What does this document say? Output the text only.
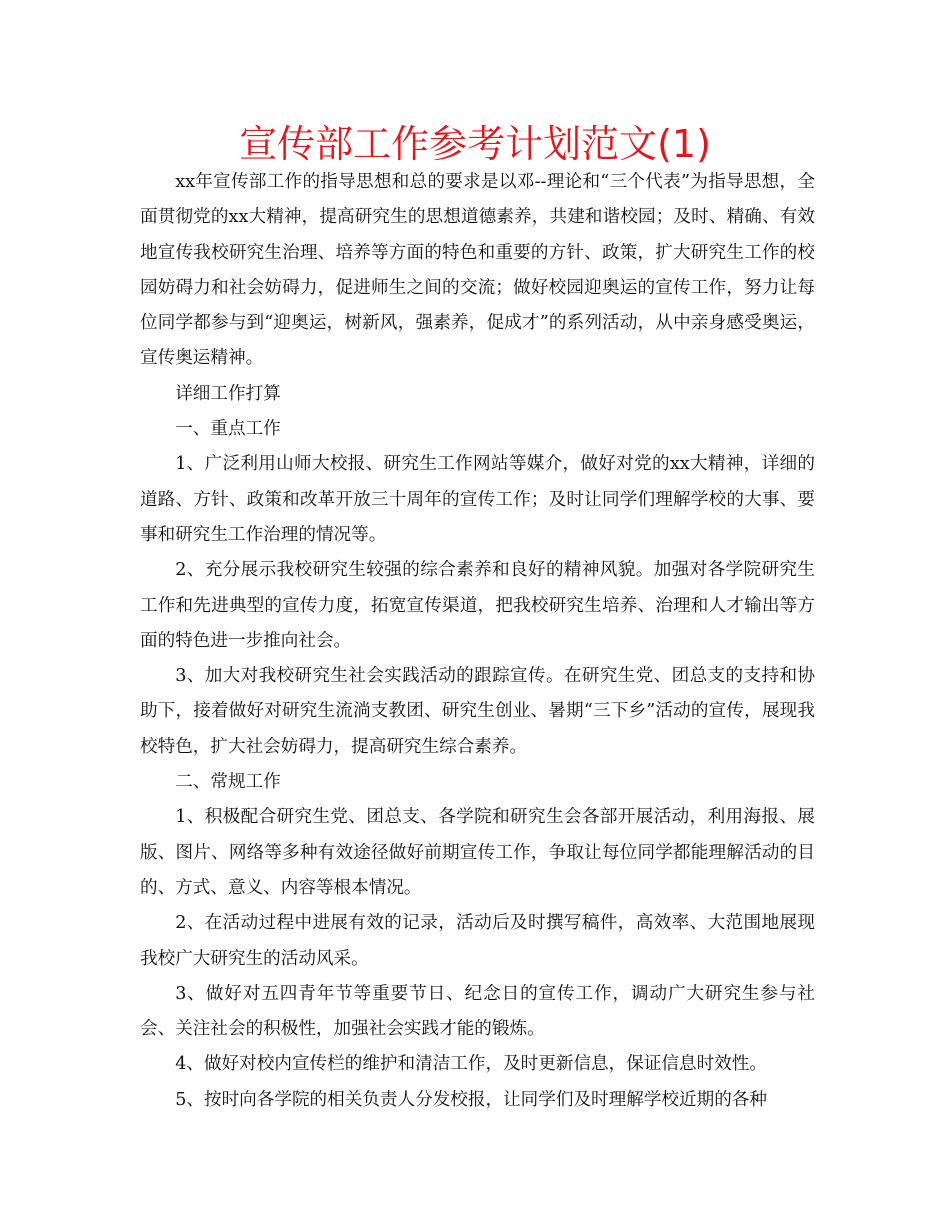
宣传部工作参考计划范文(1)

xx年宣传部工作的指导思想和总的要求是以邓--理论和“三个代表”为指导思想，全面贯彻党的xx大精神，提高研究生的思想道德素养，共建和谐校园；及时、精确、有效地宣传我校研究生治理、培养等方面的特色和重要的方针、政策，扩大研究生工作的校园妨碍力和社会妨碍力，促进师生之间的交流；做好校园迎奥运的宣传工作，努力让每位同学都参与到“迎奥运，树新风，强素养，促成才”的系列活动，从中亲身感受奥运，宣传奥运精神。

详细工作打算

一、重点工作

1、广泛利用山师大校报、研究生工作网站等媒介，做好对党的xx大精神，详细的道路、方针、政策和改革开放三十周年的宣传工作；及时让同学们理解学校的大事、要事和研究生工作治理的情况等。

2、充分展示我校研究生较强的综合素养和良好的精神风貌。加强对各学院研究生工作和先进典型的宣传力度，拓宽宣传渠道，把我校研究生培养、治理和人才输出等方面的特色进一步推向社会。

3、加大对我校研究生社会实践活动的跟踪宣传。在研究生党、团总支的支持和协助下，接着做好对研究生流淌支教团、研究生创业、暑期“三下乡”活动的宣传，展现我校特色，扩大社会妨碍力，提高研究生综合素养。

二、常规工作

1、积极配合研究生党、团总支、各学院和研究生会各部开展活动，利用海报、展版、图片、网络等多种有效途径做好前期宣传工作，争取让每位同学都能理解活动的目的、方式、意义、内容等根本情况。

2、在活动过程中进展有效的记录，活动后及时撰写稿件，高效率、大范围地展现我校广大研究生的活动风采。

3、做好对五四青年节等重要节日、纪念日的宣传工作，调动广大研究生参与社会、关注社会的积极性，加强社会实践才能的锻炼。

4、做好对校内宣传栏的维护和清洁工作，及时更新信息，保证信息时效性。

5、按时向各学院的相关负责人分发校报，让同学们及时理解学校近期的各种
